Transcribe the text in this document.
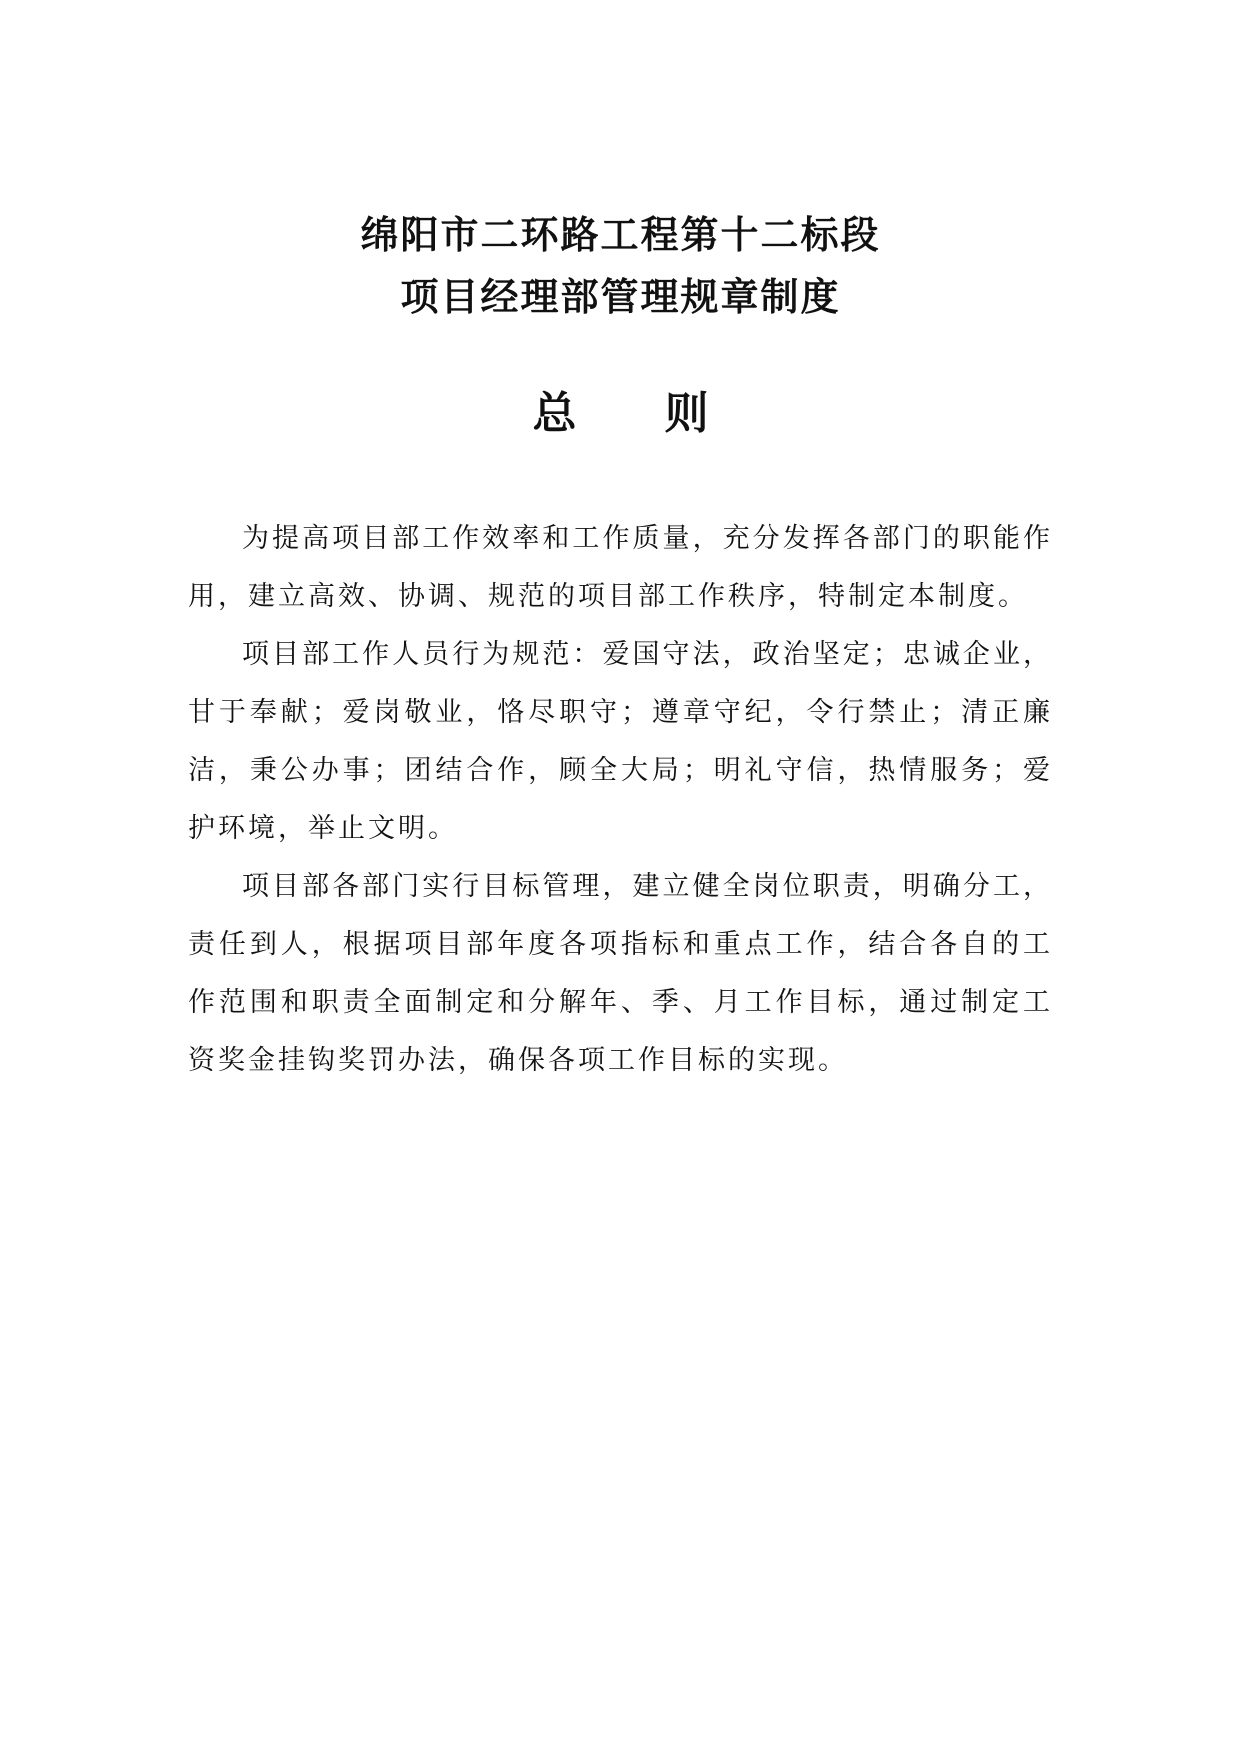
绵阳市二环路工程第十二标段
项目经理部管理规章制度
总 则

为提高项目部工作效率和工作质量，充分发挥各部门的职能作用，建立高效、协调、规范的项目部工作秩序，特制定本制度。

项目部工作人员行为规范：爱国守法，政治坚定；忠诚企业，甘于奉献；爱岗敬业，恪尽职守；遵章守纪，令行禁止；清正廉洁，秉公办事；团结合作，顾全大局；明礼守信，热情服务；爱护环境，举止文明。

项目部各部门实行目标管理，建立健全岗位职责，明确分工，责任到人，根据项目部年度各项指标和重点工作，结合各自的工作范围和职责全面制定和分解年、季、月工作目标，通过制定工资奖金挂钩奖罚办法，确保各项工作目标的实现。
